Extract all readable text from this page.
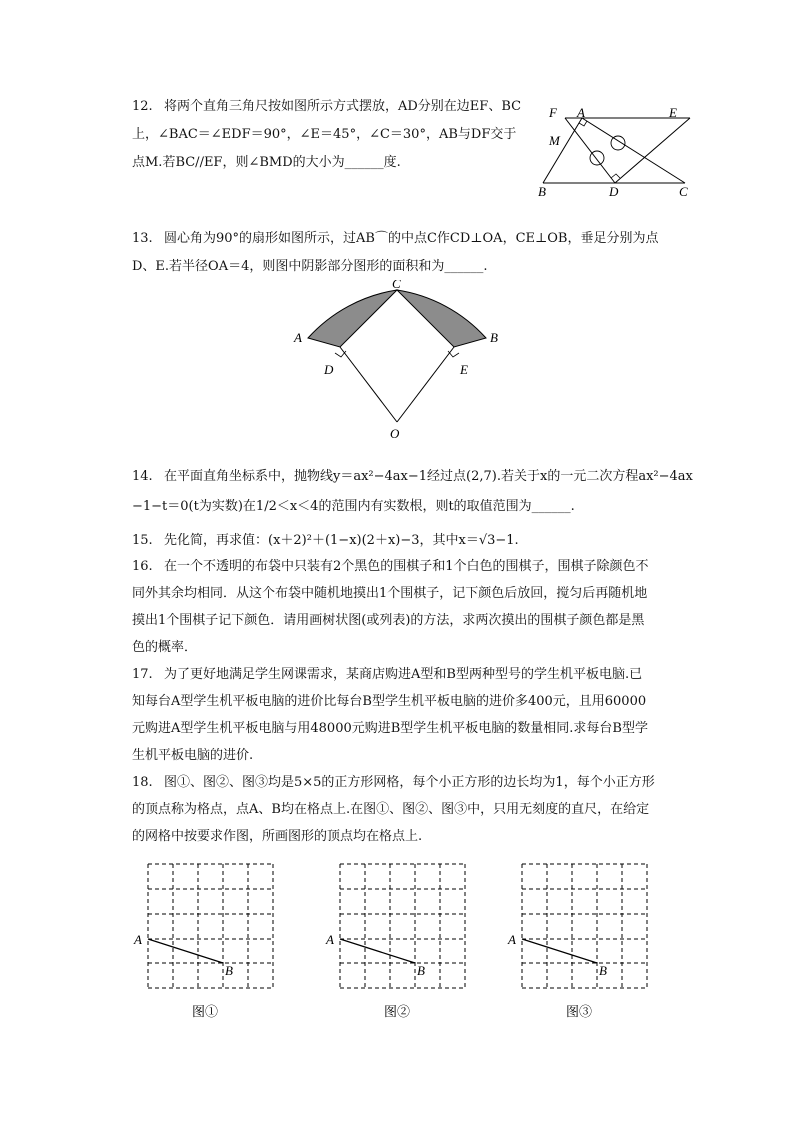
12. 将两个直角三角尺按如图所示方式摆放，AD分别在边EF、BC
上，∠BAC＝∠EDF＝90°，∠E＝45°，∠C＝30°，AB与DF交于
点M.若BC//EF，则∠BMD的大小为______度.
F A	E
M
B	D	C
13. 圆心角为90°的扇形如图所示，过AB⌒的中点C作CD⊥OA，CE⊥OB，垂足分别为点
D、E.若半径OA＝4，则图中阴影部分图形的面积和为______.
C
A	B
D	E
O
14. 在平面直角坐标系中，抛物线y＝ax²−4ax−1经过点(2,7).若关于x的一元二次方程ax²−4ax
−1−t＝0(t为实数)在1/2＜x＜4的范围内有实数根，则t的取值范围为______.
15. 先化简，再求值：(x＋2)²＋(1−x)(2＋x)−3，其中x＝√3−1.
16. 在一个不透明的布袋中只装有2个黑色的围棋子和1个白色的围棋子，围棋子除颜色不
同外其余均相同．从这个布袋中随机地摸出1个围棋子，记下颜色后放回，搅匀后再随机地
摸出1个围棋子记下颜色．请用画树状图(或列表)的方法，求两次摸出的围棋子颜色都是黑
色的概率．
17. 为了更好地满足学生网课需求，某商店购进A型和B型两种型号的学生机平板电脑.已
知每台A型学生机平板电脑的进价比每台B型学生机平板电脑的进价多400元，且用60000
元购进A型学生机平板电脑与用48000元购进B型学生机平板电脑的数量相同.求每台B型学
生机平板电脑的进价.
18. 图①、图②、图③均是5×5的正方形网格，每个小正方形的边长均为1，每个小正方形
的顶点称为格点，点A、B均在格点上.在图①、图②、图③中，只用无刻度的直尺，在给定
的网格中按要求作图，所画图形的顶点均在格点上.
A
B
图①
A
B
图②
A
B
图③
